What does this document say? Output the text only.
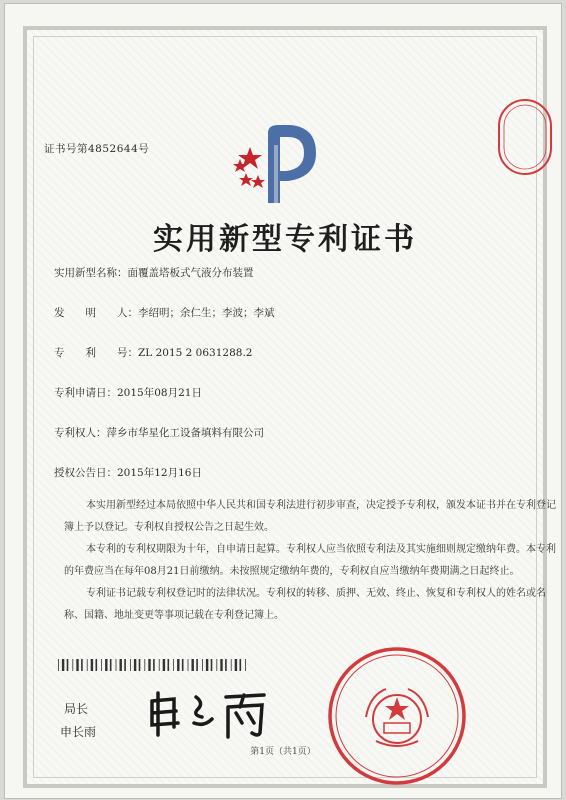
证书号第4852644号
实用新型专利证书
实用新型名称：面覆盖塔板式气液分布装置
发　　明　　人：李绍明；余仁生；李波；李斌
专　　利　　号：ZL 2015 2 0631288.2
专利申请日：2015年08月21日
专利权人：萍乡市华星化工设备填料有限公司
授权公告日：2015年12月16日

本实用新型经过本局依照中华人民共和国专利法进行初步审查，决定授予专利权，颁发本证书并在专利登记簿上予以登记。专利权自授权公告之日起生效。

本专利的专利权期限为十年，自申请日起算。专利权人应当依照专利法及其实施细则规定缴纳年费。本专利的年费应当在每年08月21日前缴纳。未按照规定缴纳年费的，专利权自应当缴纳年费期满之日起终止。

专利证书记载专利权登记时的法律状况。专利权的转移、质押、无效、终止、恢复和专利权人的姓名或名称、国籍、地址变更等事项记载在专利登记簿上。

局长
申长雨
第1页（共1页）
